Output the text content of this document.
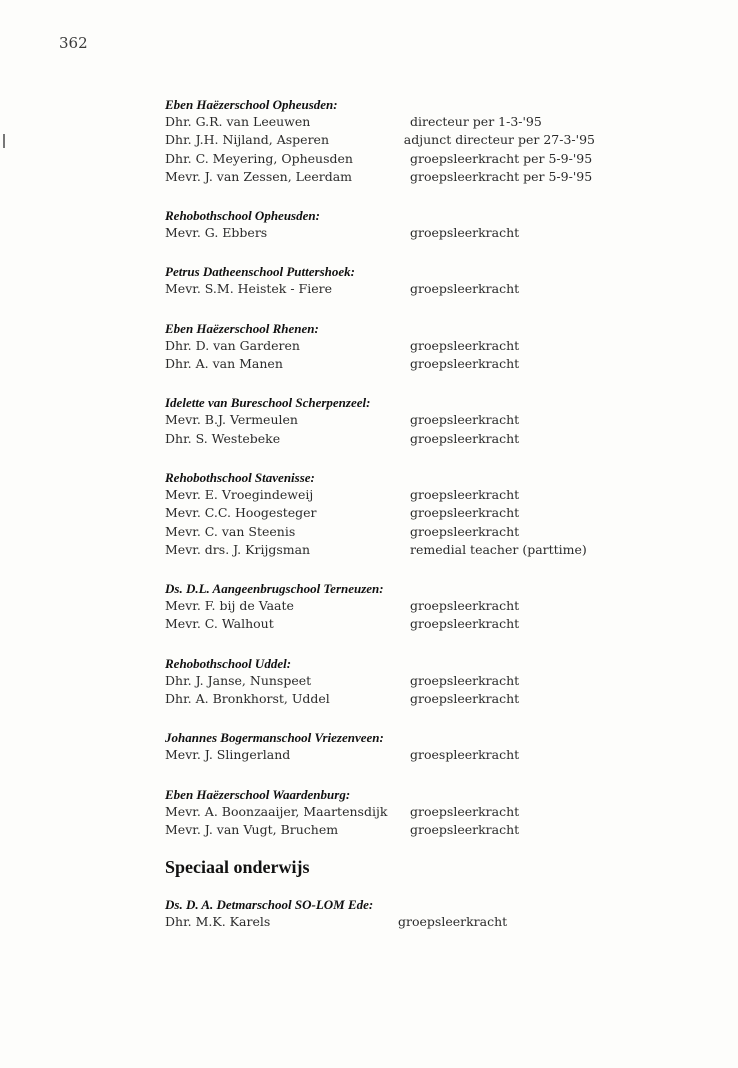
362
Eben Haëzerschool Opheusden:
Dhr. G.R. van Leeuwen	directeur per 1-3-'95
Dhr. J.H. Nijland, Asperen	adjunct directeur per 27-3-'95
Dhr. C. Meyering, Opheusden	groepsleerkracht per 5-9-'95
Mevr. J. van Zessen, Leerdam	groepsleerkracht per 5-9-'95
Rehobothschool Opheusden:
Mevr. G. Ebbers	groepsleerkracht
Petrus Datheenschool Puttershoek:
Mevr. S.M. Heistek - Fiere	groepsleerkracht
Eben Haëzerschool Rhenen:
Dhr. D. van Garderen	groepsleerkracht
Dhr. A. van Manen	groepsleerkracht
Idelette van Bureschool Scherpenzeel:
Mevr. B.J. Vermeulen	groepsleerkracht
Dhr. S. Westebeke	groepsleerkracht
Rehobothschool Stavenisse:
Mevr. E. Vroegindeweij	groepsleerkracht
Mevr. C.C. Hoogesteger	groepsleerkracht
Mevr. C. van Steenis	groepsleerkracht
Mevr. drs. J. Krijgsman	remedial teacher (parttime)
Ds. D.L. Aangeenbrugschool Terneuzen:
Mevr. F. bij de Vaate	groepsleerkracht
Mevr. C. Walhout	groepsleerkracht
Rehobothschool Uddel:
Dhr. J. Janse, Nunspeet	groepsleerkracht
Dhr. A. Bronkhorst, Uddel	groepsleerkracht
Johannes Bogermanschool Vriezenveen:
Mevr. J. Slingerland	groespleerkracht
Eben Haëzerschool Waardenburg:
Mevr. A. Boonzaaijer, Maartensdijk	groepsleerkracht
Mevr. J. van Vugt, Bruchem	groepsleerkracht
Speciaal onderwijs
Ds. D. A. Detmarschool SO-LOM Ede:
Dhr. M.K. Karels	groepsleerkracht
